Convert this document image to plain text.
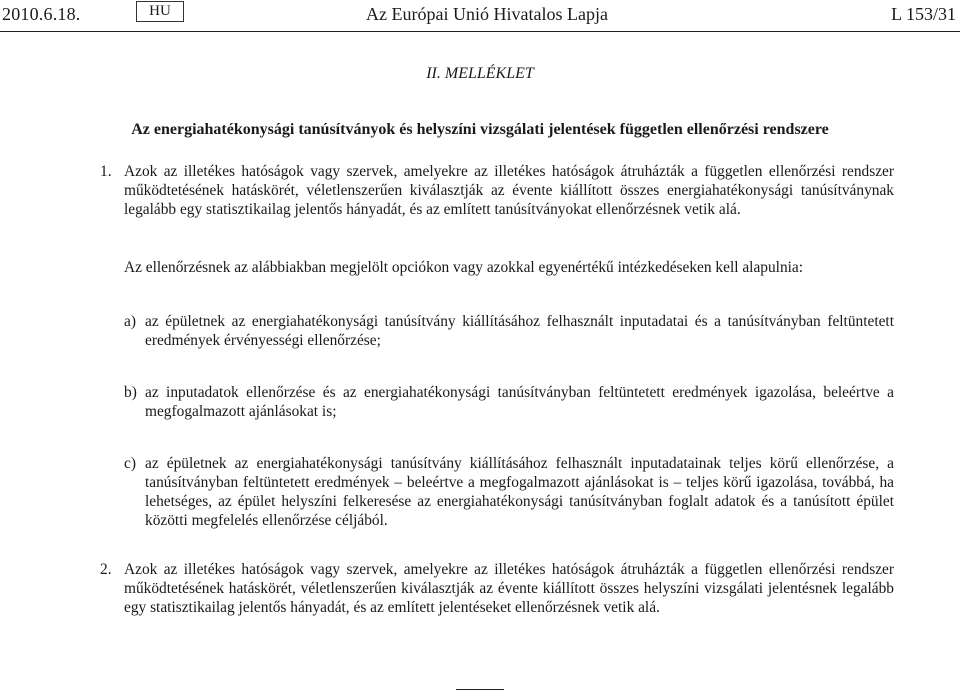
2010.6.18.	HU	Az Európai Unió Hivatalos Lapja	L 153/31
II. MELLÉKLET
Az energiahatékonysági tanúsítványok és helyszíni vizsgálati jelentések független ellenőrzési rendszere
1. Azok az illetékes hatóságok vagy szervek, amelyekre az illetékes hatóságok átruházták a független ellenőrzési rendszer működtetésének hatáskörét, véletlenszerűen kiválasztják az évente kiállított összes energiahatékonysági tanúsítványnak legalább egy statisztikailag jelentős hányadát, és az említett tanúsítványokat ellenőrzésnek vetik alá.
Az ellenőrzésnek az alábbiakban megjelölt opciókon vagy azokkal egyenértékű intézkedéseken kell alapulnia:
a) az épületnek az energiahatékonysági tanúsítvány kiállításához felhasznált inputadatai és a tanúsítványban feltüntetett eredmények érvényességi ellenőrzése;
b) az inputadatok ellenőrzése és az energiahatékonysági tanúsítványban feltüntetett eredmények igazolása, beleértve a megfogalmazott ajánlásokat is;
c) az épületnek az energiahatékonysági tanúsítvány kiállításához felhasznált inputadatainak teljes körű ellenőrzése, a tanúsítványban feltüntetett eredmények – beleértve a megfogalmazott ajánlásokat is – teljes körű igazolása, továbbá, ha lehetséges, az épület helyszíni felkeresése az energiahatékonysági tanúsítványban foglalt adatok és a tanúsított épület közötti megfelelés ellenőrzése céljából.
2. Azok az illetékes hatóságok vagy szervek, amelyekre az illetékes hatóságok átruházták a független ellenőrzési rendszer működtetésének hatáskörét, véletlenszerűen kiválasztják az évente kiállított összes helyszíni vizsgálati jelentésnek legalább egy statisztikailag jelentős hányadát, és az említett jelentéseket ellenőrzésnek vetik alá.
